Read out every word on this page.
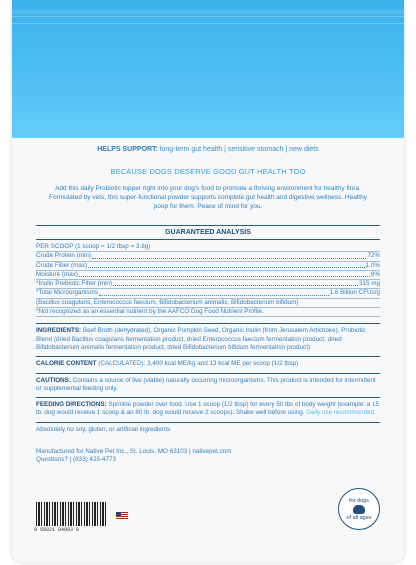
HELPS SUPPORT: long-term gut health | sensitive stomach | new diets
BECAUSE DOGS DESERVE GOOD GUT HEALTH TOO
Add this daily Probiotic topper right into your dog's food to promote a thriving environment for healthy flora. Formulated by vets, this super-functional powder supports complete gut health and digestive wellness. Healthy poop for them. Peace of mind for you.
GUARANTEED ANALYSIS
PER SCOOP (1 scoop = 1/2 tbsp = 3.8g)
Crude Protein (min)	72%
Crude Fiber (max)	1.0%
Moisture (max)	8%
*Inulin Prebiotic Fiber (min)	315 mg
*Total Microorganisms	1.6 Billion CFUs/g
(Bacillus coagulans, Enterococcus faecium, Bifidobacterium animalis, Bifidobacterium bifidum)
*Not recognized as an essential nutrient by the AAFCO Dog Food Nutrient Profile.
INGREDIENTS: Beef Broth (dehydrated), Organic Pumpkin Seed, Organic Inulin (from Jerusalem Artichoke), Probiotic Blend (dried Bacillus coagulans fermentation product, dried Enterococcus faecium fermentation product, dried Bifidobacterium animalis fermentation product, dried Bifidobacterium bifidum fermentation product)
CALORIE CONTENT (CALCULATED): 3,400 kcal ME/kg and 13 kcal ME per scoop (1/2 tbsp)
CAUTIONS: Contains a source of live (viable) naturally occurring microorganisms. This product is intended for intermittent or supplemental feeding only.
FEEDING DIRECTIONS: Sprinkle powder over food. Use 1 scoop (1/2 tbsp) for every 50 lbs of body weight (example: a 15 lb. dog would receive 1 scoop & an 80 lb. dog would receive 2 scoops). Shake well before using. Daily use recommended.
Absolutely no soy, gluten, or artificial ingredients
Manufactured for Native Pet Inc., St. Louis, MO 63103 | nativepet.com
Questions? | (833) 425-4773
8 50021 84093 8
for dogs
of all ages
